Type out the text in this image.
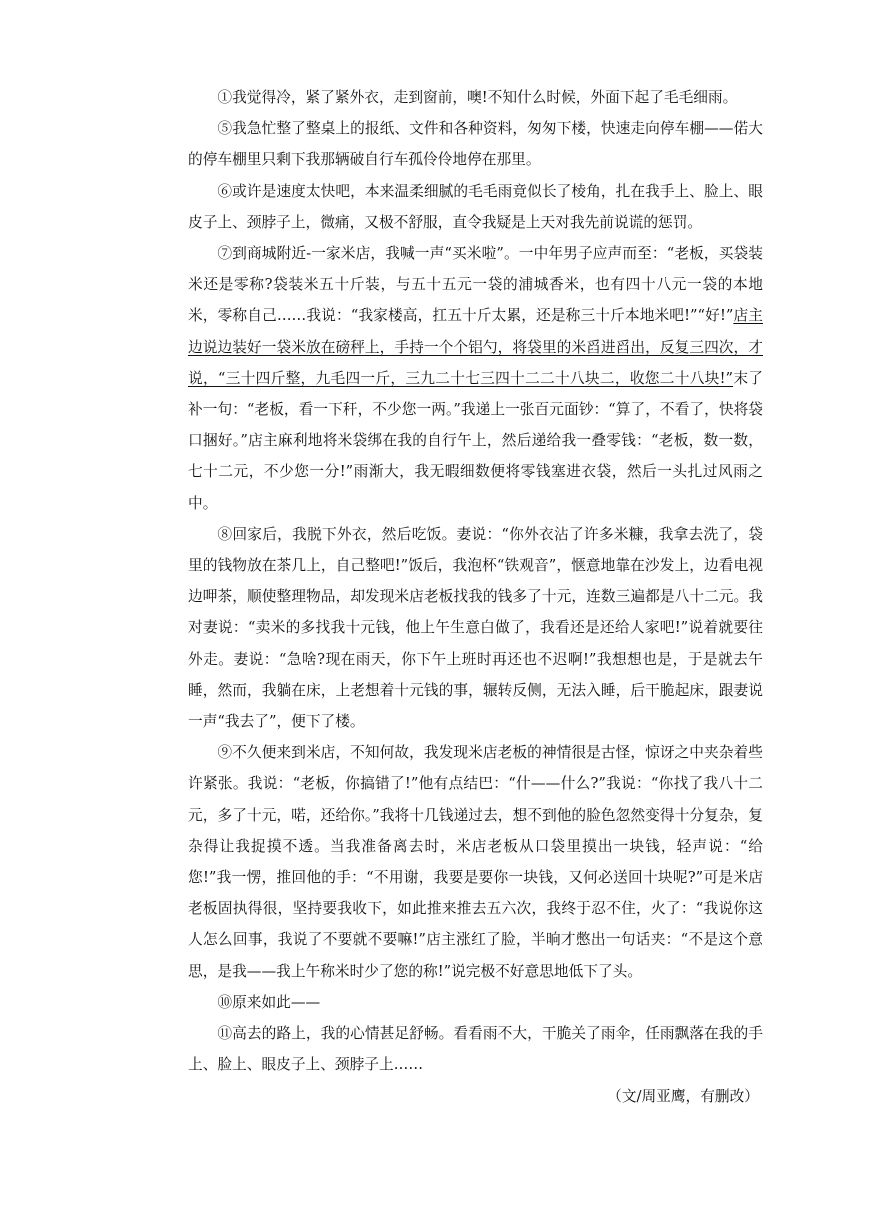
①我觉得冷，紧了紧外衣，走到窗前，噢!不知什么时候，外面下起了毛毛细雨。

⑤我急忙整了整桌上的报纸、文件和各种资料，匆匆下楼，快速走向停车棚——偌大的停车棚里只剩下我那辆破自行车孤伶伶地停在那里。

⑥或许是速度太快吧，本来温柔细腻的毛毛雨竟似长了棱角，扎在我手上、脸上、眼皮子上、颈脖子上，微痛，又极不舒服，直令我疑是上天对我先前说谎的惩罚。

⑦到商城附近-一家米店，我喊一声“买米啦”。一中年男子应声而至：“老板，买袋装米还是零称?袋装米五十斤装，与五十五元一袋的浦城香米，也有四十八元一袋的本地米，零称自己……我说：“我家楼高，扛五十斤太累，还是称三十斤本地米吧!”“好!”店主边说边装好一袋米放在磅秤上，手持一个个铝勺，将袋里的米舀进舀出，反复三四次，才说，“三十四斤整，九毛四一斤，三九二十七三四十二二十八块二，收您二十八块!”末了补一句：“老板，看一下秆，不少您一两。”我递上一张百元面钞：“算了，不看了，快将袋口捆好。”店主麻利地将米袋绑在我的自行午上，然后递给我一叠零钱：“老板，数一数，七十二元，不少您一分!”雨渐大，我无暇细数便将零钱塞进衣袋，然后一头扎过风雨之中。

⑧回家后，我脱下外衣，然后吃饭。妻说：“你外衣沾了许多米糠，我拿去洗了，袋里的钱物放在茶几上，自己整吧!”饭后，我泡杯“铁观音”，惬意地靠在沙发上，边看电视边呷茶，顺使整理物品，却发现米店老板找我的钱多了十元，连数三遍都是八十二元。我对妻说：“卖米的多找我十元钱，他上午生意白做了，我看还是还给人家吧!”说着就要往外走。妻说：“急啥?现在雨天，你下午上班时再还也不迟啊!”我想想也是，于是就去午睡，然而，我躺在床，上老想着十元钱的事，辗转反侧，无法入睡，后干脆起床，跟妻说一声“我去了”，便下了楼。

⑨不久便来到米店，不知何故，我发现米店老板的神情很是古怪，惊讶之中夹杂着些许紧张。我说：“老板，你搞错了!”他有点结巴：“什——什么?”我说：“你找了我八十二元，多了十元，喏，还给你。”我将十几钱递过去，想不到他的脸色忽然变得十分复杂，复杂得让我捉摸不透。当我准备离去时，米店老板从口袋里摸出一块钱，轻声说：“给您!”我一愣，推回他的手：“不用谢，我要是要你一块钱，又何必送回十块呢?”可是米店老板固执得很，坚持要我收下，如此推来推去五六次，我终于忍不住，火了：“我说你这人怎么回事，我说了不要就不要嘛!”店主涨红了脸，半晌才憋出一句话夹：“不是这个意思，是我——我上午称米时少了您的称!”说完极不好意思地低下了头。

⑩原来如此——

⑪高去的路上，我的心情甚足舒畅。看看雨不大，干脆关了雨伞，任雨飘落在我的手上、脸上、眼皮子上、颈脖子上……

（文/周亚鹰，有删改）
